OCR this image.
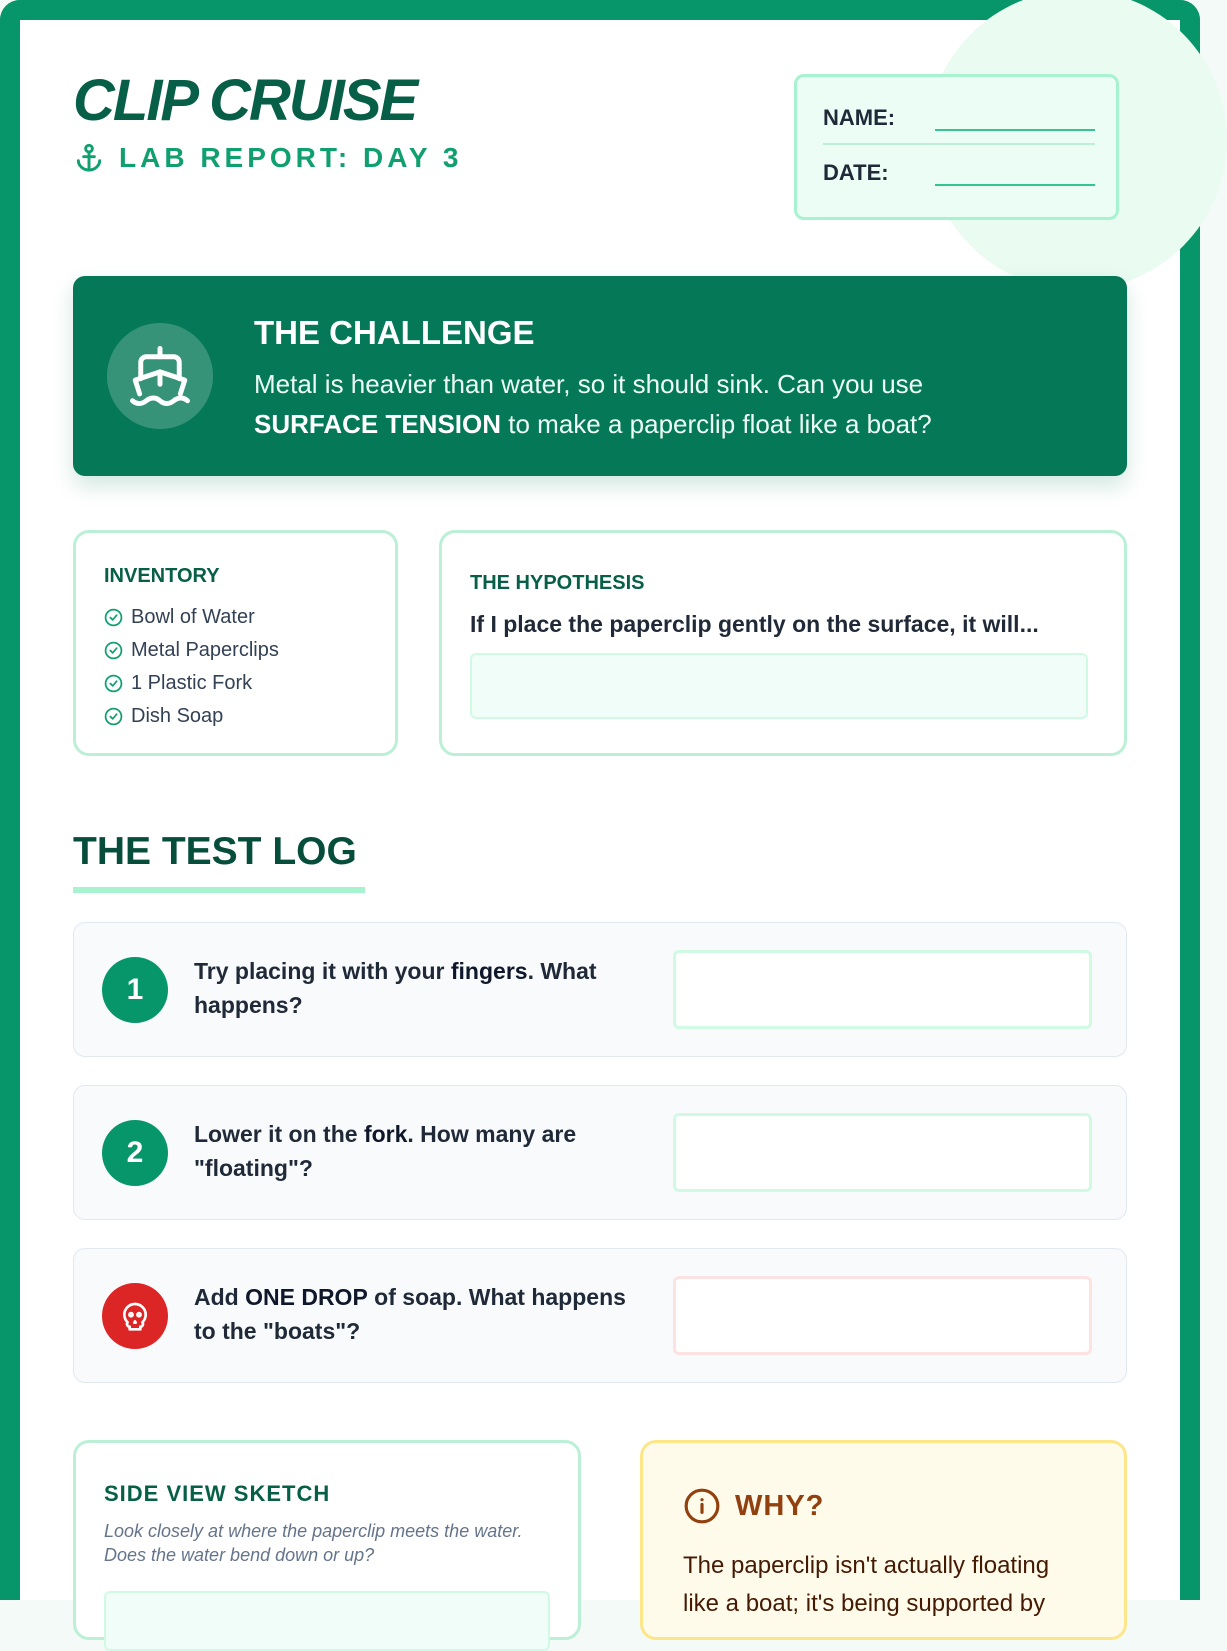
CLIP CRUISE
LAB REPORT: DAY 3
NAME:
DATE:
THE CHALLENGE
Metal is heavier than water, so it should sink. Can you use SURFACE TENSION to make a paperclip float like a boat?
INVENTORY
Bowl of Water
Metal Paperclips
1 Plastic Fork
Dish Soap
THE HYPOTHESIS
If I place the paperclip gently on the surface, it will...
THE TEST LOG
1
Try placing it with your fingers. What happens?
2
Lower it on the fork. How many are "floating"?
Add ONE DROP of soap. What happens to the "boats"?
SIDE VIEW SKETCH
Look closely at where the paperclip meets the water. Does the water bend down or up?
WHY?
The paperclip isn't actually floating like a boat; it's being supported by
